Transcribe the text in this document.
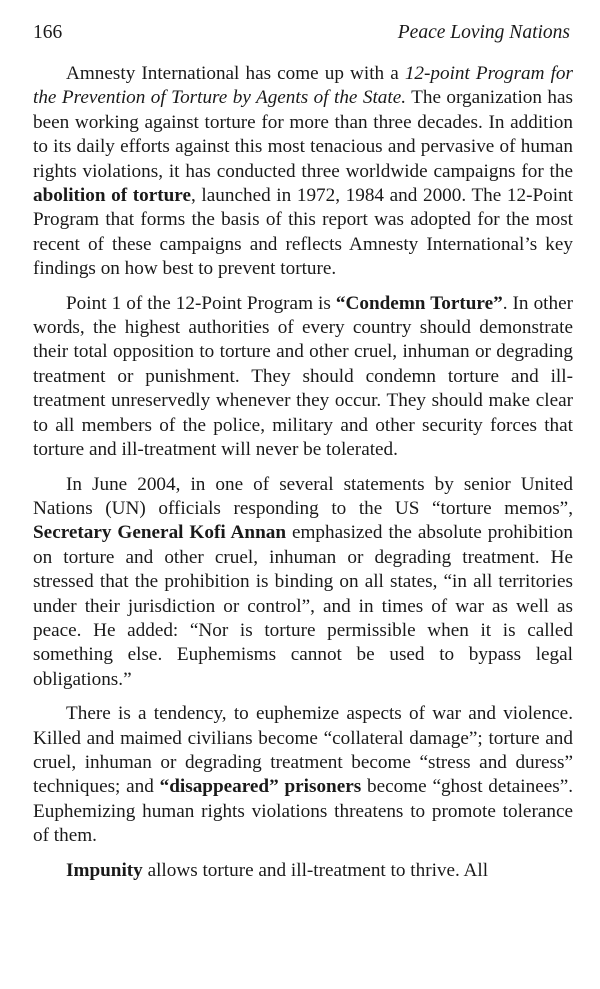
166	Peace Loving Nations

Amnesty International has come up with a 12-point Program for the Prevention of Torture by Agents of the State. The organization has been working against torture for more than three decades. In addition to its daily efforts against this most tenacious and pervasive of human rights violations, it has conducted three worldwide campaigns for the abolition of torture, launched in 1972, 1984 and 2000. The 12-Point Program that forms the basis of this report was adopted for the most recent of these campaigns and reflects Amnesty International’s key findings on how best to prevent torture.

Point 1 of the 12-Point Program is “Condemn Torture”. In other words, the highest authorities of every country should demonstrate their total opposition to torture and other cruel, inhuman or degrading treatment or punishment. They should condemn torture and ill-treatment unreservedly whenever they occur. They should make clear to all members of the police, military and other security forces that torture and ill-treatment will never be tolerated.

In June 2004, in one of several statements by senior United Nations (UN) officials responding to the US “torture memos”, Secretary General Kofi Annan emphasized the absolute prohibition on torture and other cruel, inhuman or degrading treatment. He stressed that the prohibition is binding on all states, “in all territories under their jurisdiction or control”, and in times of war as well as peace. He added: “Nor is torture permissible when it is called something else. Euphemisms cannot be used to bypass legal obligations.”

There is a tendency, to euphemize aspects of war and violence. Killed and maimed civilians become “collateral damage”; torture and cruel, inhuman or degrading treatment become “stress and duress” techniques; and “disappeared” prisoners become “ghost detainees”. Euphemizing human rights violations threatens to promote tolerance of them.

Impunity allows torture and ill-treatment to thrive. All
